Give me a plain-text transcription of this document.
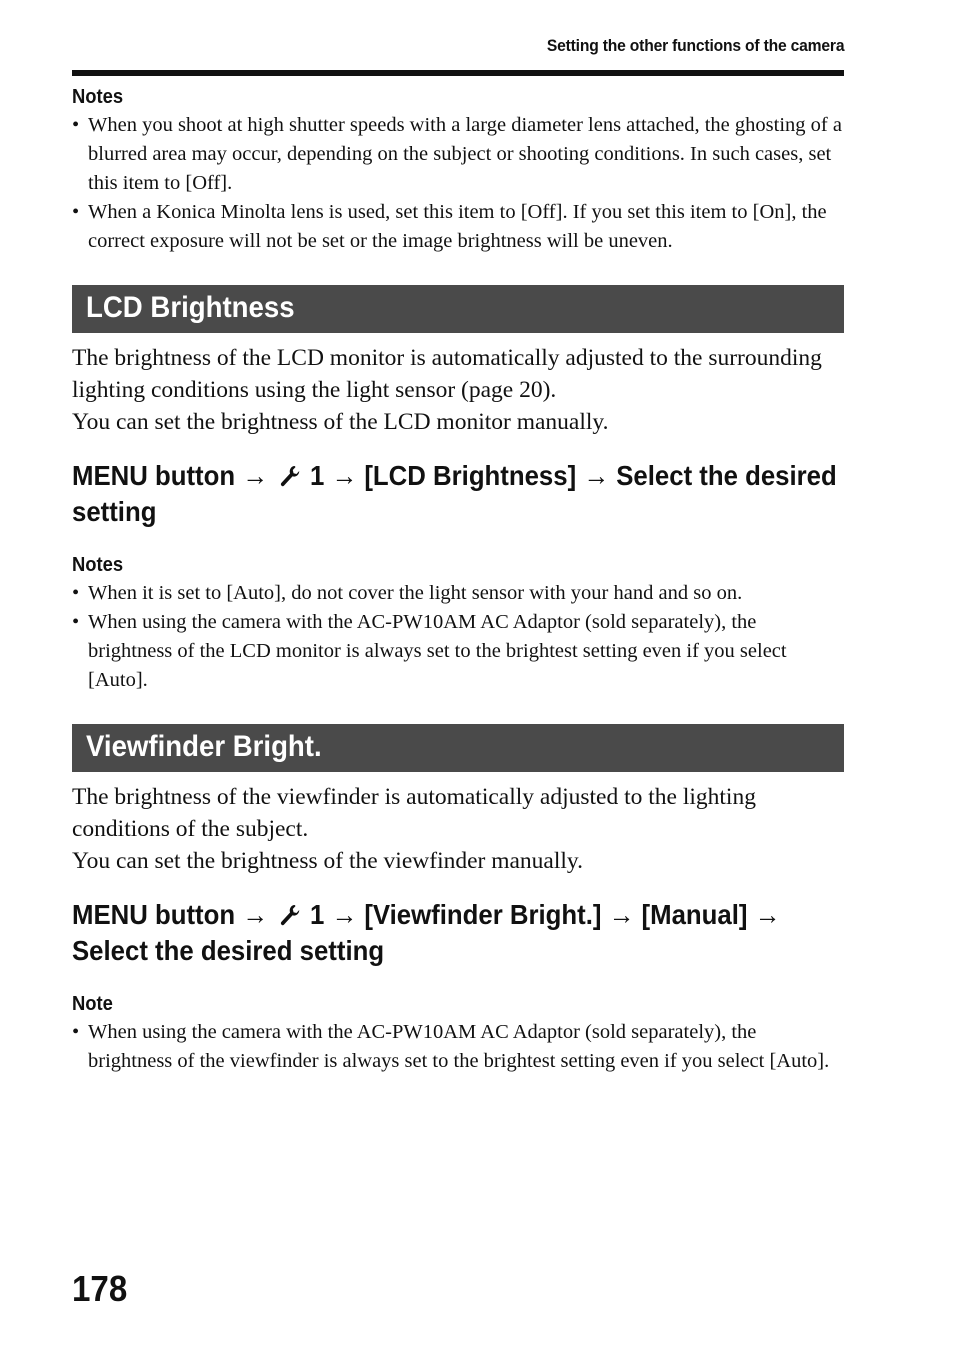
Setting the other functions of the camera
Notes
• When you shoot at high shutter speeds with a large diameter lens attached, the ghosting of a blurred area may occur, depending on the subject or shooting conditions. In such cases, set this item to [Off].
• When a Konica Minolta lens is used, set this item to [Off]. If you set this item to [On], the correct exposure will not be set or the image brightness will be uneven.
LCD Brightness

The brightness of the LCD monitor is automatically adjusted to the surrounding lighting conditions using the light sensor (page 20).

You can set the brightness of the LCD monitor manually.

MENU button → 1 → [LCD Brightness] → Select the desired setting
Notes
• When it is set to [Auto], do not cover the light sensor with your hand and so on.
• When using the camera with the AC-PW10AM AC Adaptor (sold separately), the brightness of the LCD monitor is always set to the brightest setting even if you select [Auto].
Viewfinder Bright.

The brightness of the viewfinder is automatically adjusted to the lighting conditions of the subject.

You can set the brightness of the viewfinder manually.

MENU button → 1 → [Viewfinder Bright.] → [Manual] → Select the desired setting
Note
• When using the camera with the AC-PW10AM AC Adaptor (sold separately), the brightness of the viewfinder is always set to the brightest setting even if you select [Auto].
178
